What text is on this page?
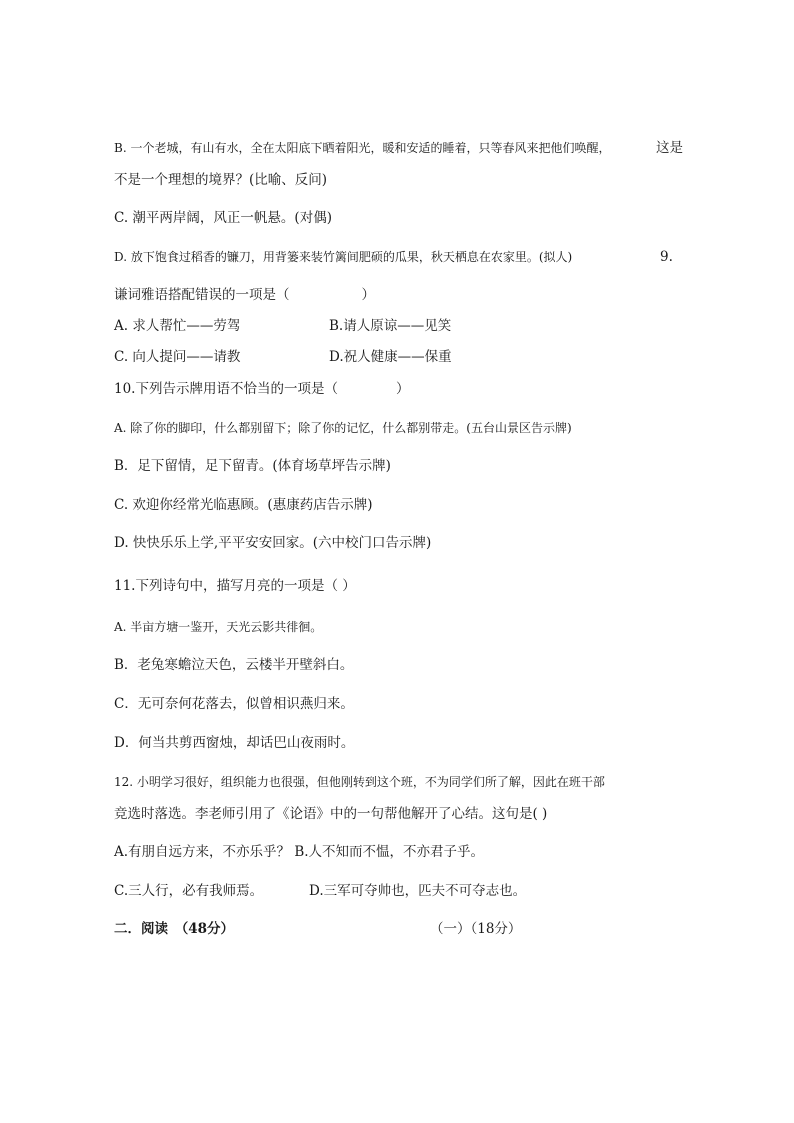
B. 一个老城，有山有水，全在太阳底下晒着阳光，暖和安适的睡着，只等春风来把他们唤醒，	这是
不是一个理想的境界？(比喻、反问)
C. 潮平两岸阔，风正一帆悬。(对偶)
D. 放下饱食过稻香的镰刀，用背篓来装竹篱间肥硕的瓜果，秋天栖息在农家里。(拟人)	9.
谦词雅语搭配错误的一项是（	）
A. 求人帮忙——劳驾	B.请人原谅——见笑
C. 向人提问——请教	D.祝人健康——保重
10.下列告示牌用语不恰当的一项是（	）
A. 除了你的脚印，什么都别留下；除了你的记忆，什么都别带走。(五台山景区告示牌)
B．足下留情，足下留青。(体育场草坪告示牌)
C. 欢迎你经常光临惠顾。(惠康药店告示牌)
D. 快快乐乐上学,平平安安回家。(六中校门口告示牌)
11.下列诗句中，描写月亮的一项是（ ）
A. 半亩方塘一鉴开，天光云影共徘徊。
B．老兔寒蟾泣天色，云楼半开壁斜白。
C．无可奈何花落去，似曾相识燕归来。
D．何当共剪西窗烛，却话巴山夜雨时。
12. 小明学习很好，组织能力也很强，但他刚转到这个班，不为同学们所了解，因此在班干部
竞选时落选。李老师引用了《论语》中的一句帮他解开了心结。这句是( )
A.有朋自远方来，不亦乐乎？ B.人不知而不愠，不亦君子乎。
C.三人行，必有我师焉。	D.三军可夺帅也，匹夫不可夺志也。
二．阅读　（48分）	（一）（18分）
